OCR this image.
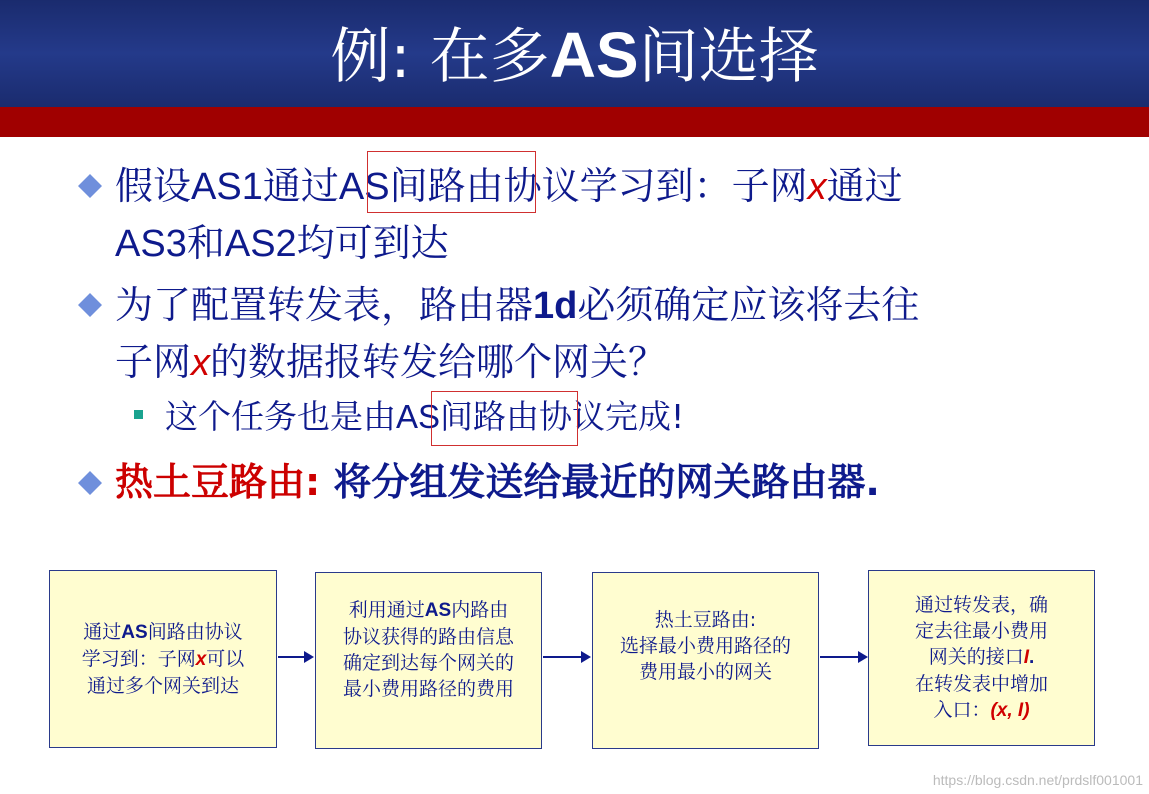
例: 在多AS间选择
假设AS1通过AS间路由协议学习到：子网x通过
AS3和AS2均可到达
为了配置转发表，路由器1d必须确定应该将去往
子网x的数据报转发给哪个网关？
这个任务也是由AS间路由协议完成!
热土豆路由: 将分组发送给最近的网关路由器.
通过AS间路由协议
学习到：子网x可以
通过多个网关到达
利用通过AS内路由
协议获得的路由信息
确定到达每个网关的
最小费用路径的费用
热土豆路由:
选择最小费用路径的
费用最小的网关
通过转发表，确
定去往最小费用
网关的接口I.
在转发表中增加
入口：(x, I)
https://blog.csdn.net/prdslf001001
